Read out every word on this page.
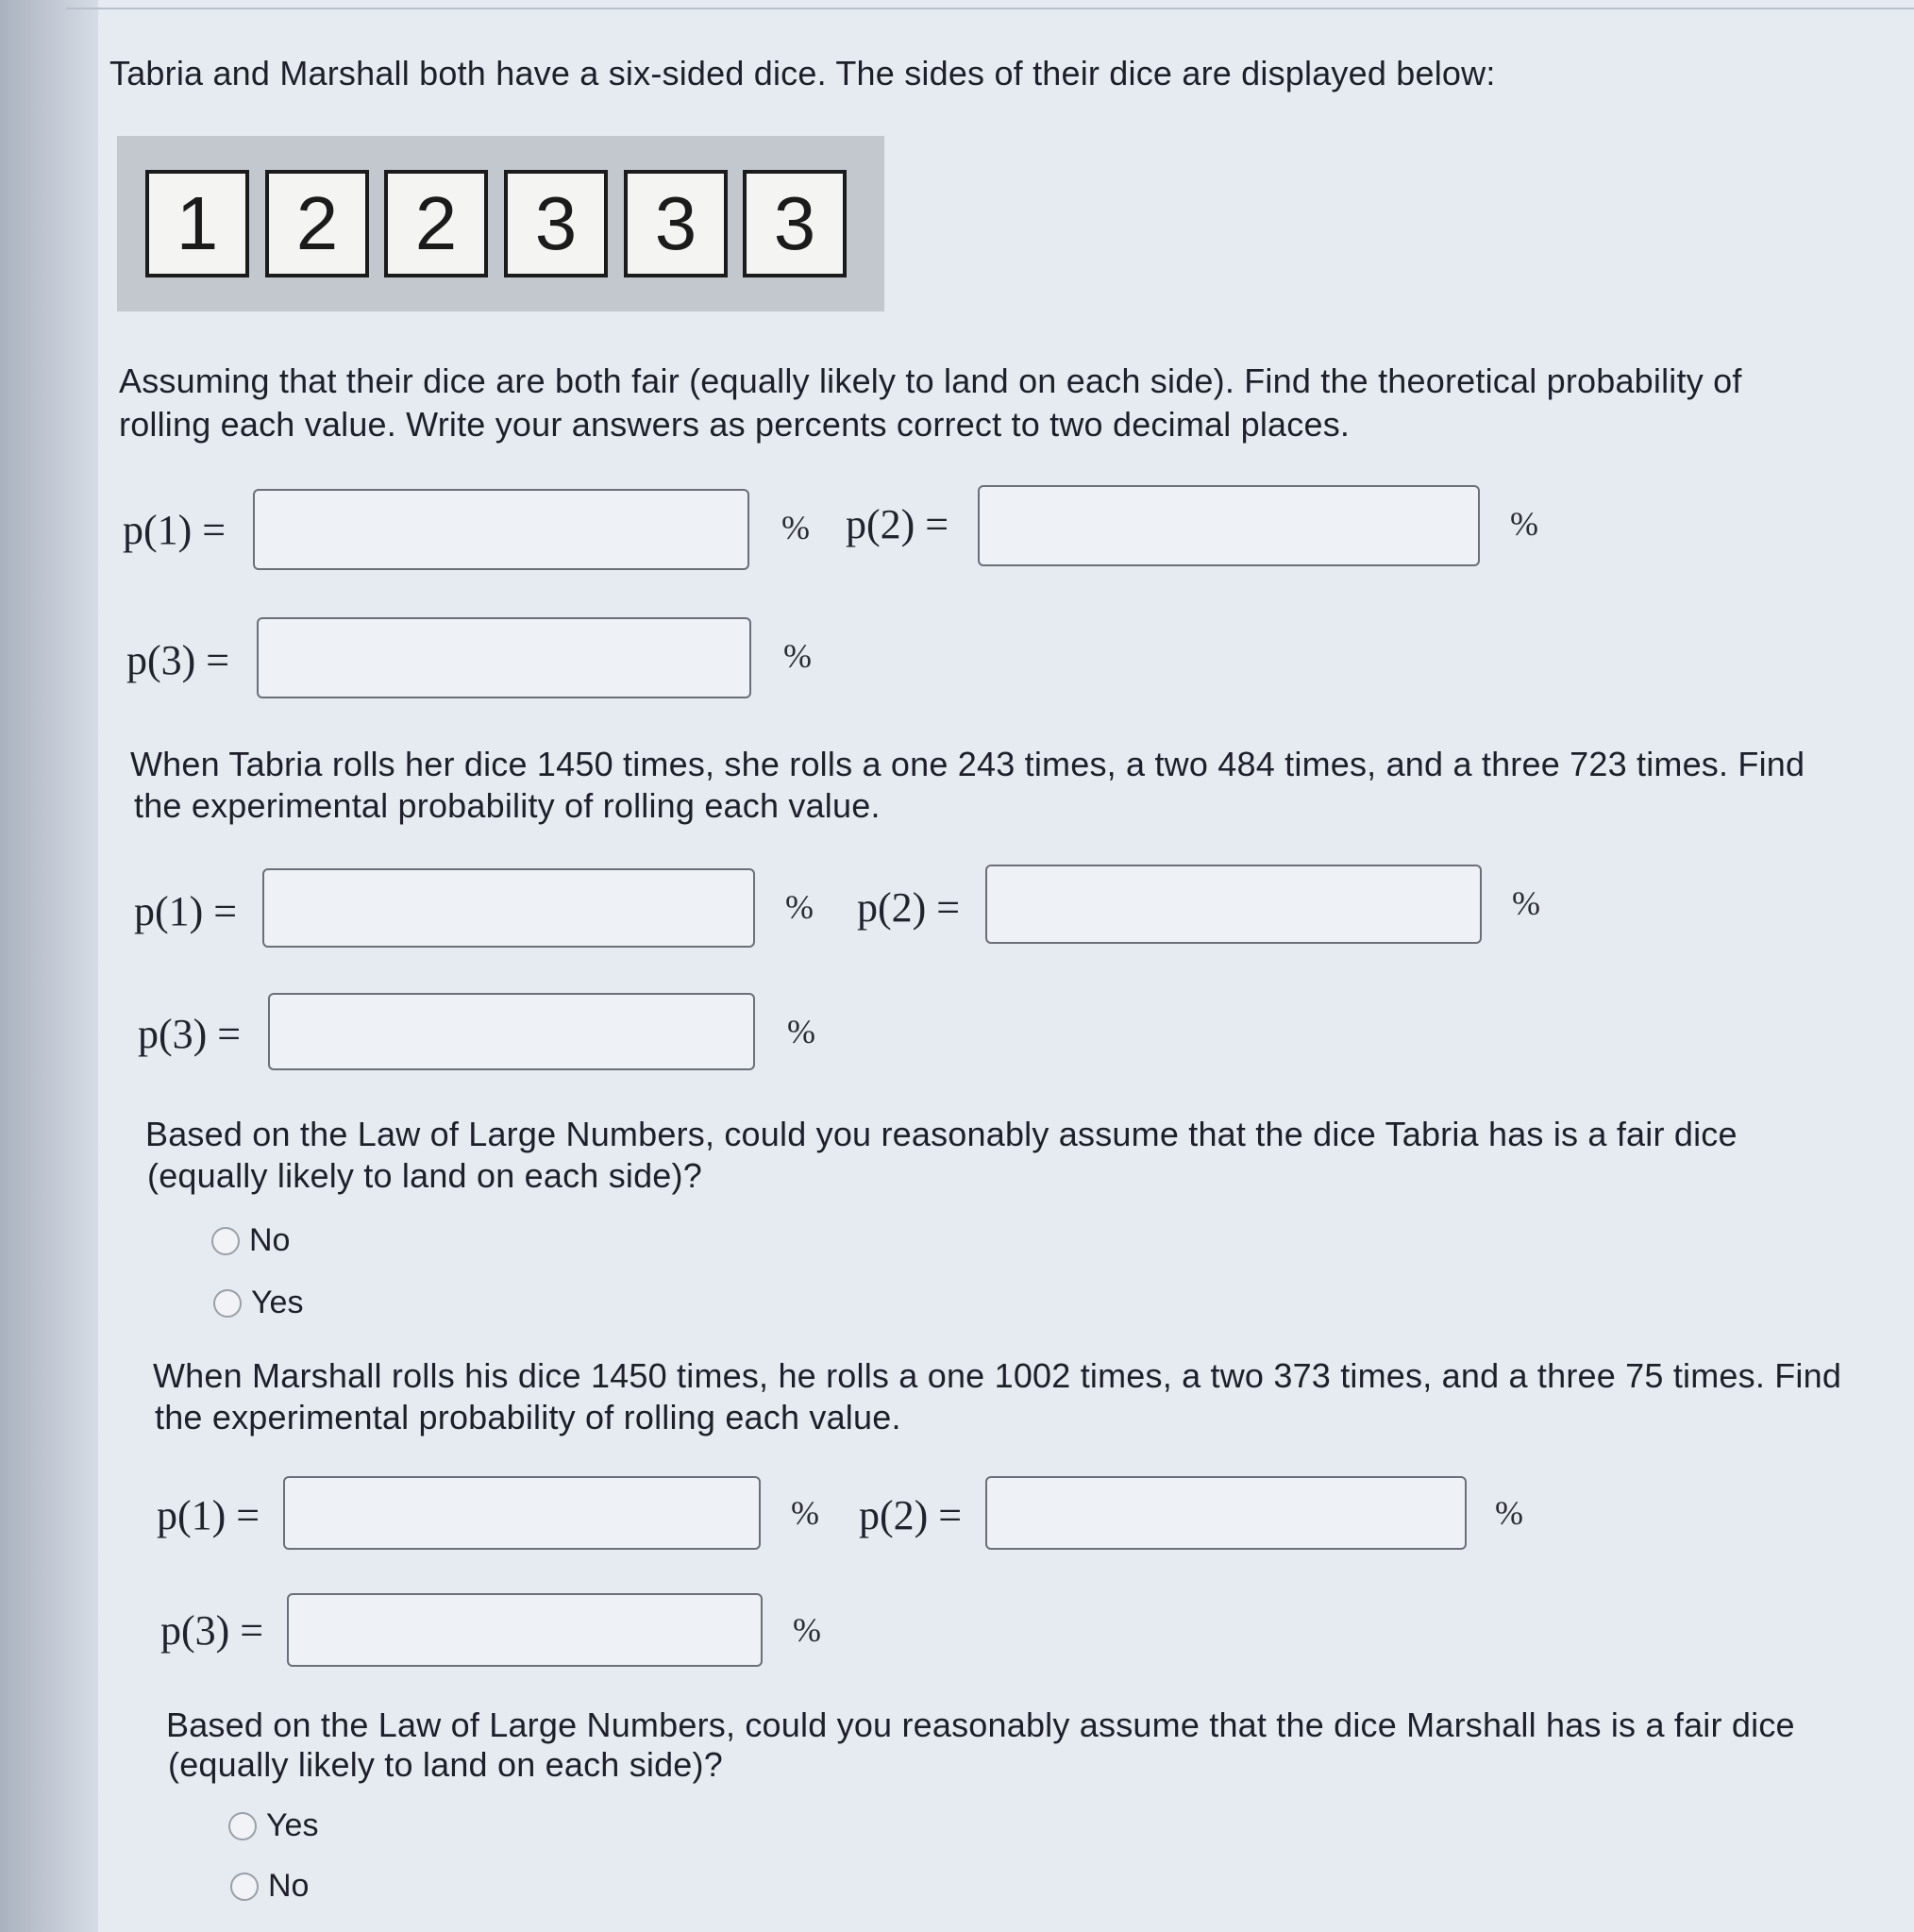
Tabria and Marshall both have a six-sided dice. The sides of their dice are displayed below:
1	2	2	3	3	3
Assuming that their dice are both fair (equally likely to land on each side). Find the theoretical probability of
rolling each value. Write your answers as percents correct to two decimal places.
p(1) =	% p(2) =	%
p(3) =	%
When Tabria rolls her dice 1450 times, she rolls a one 243 times, a two 484 times, and a three 723 times. Find
the experimental probability of rolling each value.
p(1) =	% p(2) =	%
p(3) =	%
Based on the Law of Large Numbers, could you reasonably assume that the dice Tabria has is a fair dice
(equally likely to land on each side)?
No
Yes
When Marshall rolls his dice 1450 times, he rolls a one 1002 times, a two 373 times, and a three 75 times. Find
the experimental probability of rolling each value.
p(1) =	% p(2) =	%
p(3) =	%
Based on the Law of Large Numbers, could you reasonably assume that the dice Marshall has is a fair dice
(equally likely to land on each side)?
Yes
No
